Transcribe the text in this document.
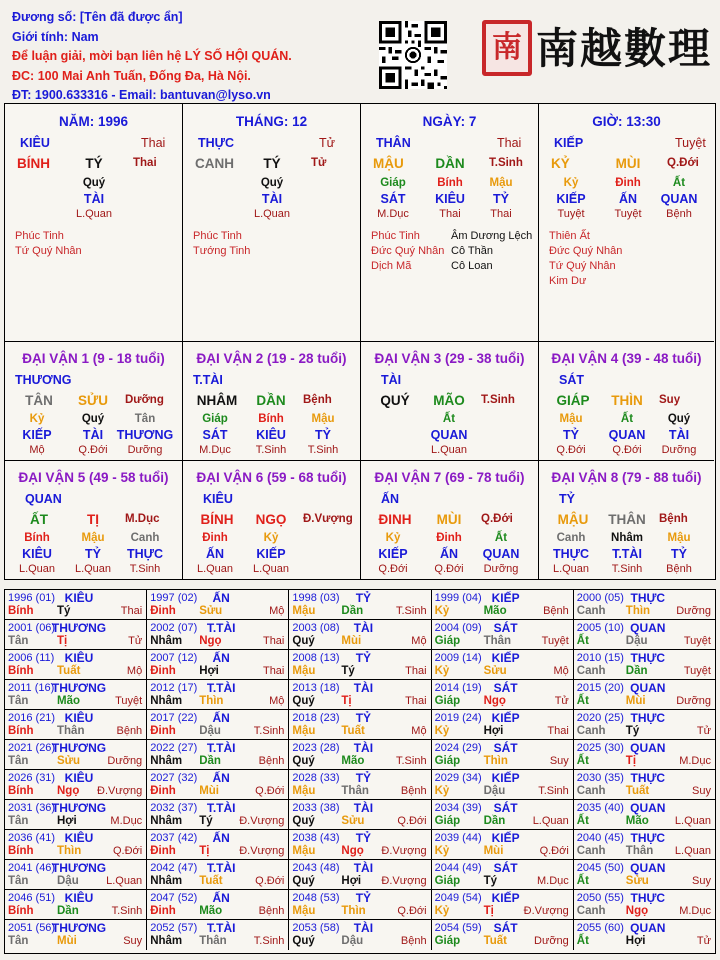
Đương số: [Tên đã được ẩn]
Giới tính: Nam
Để luận giải, mời bạn liên hệ LÝ SỐ HỘI QUÁN.
ĐC: 100 Mai Anh Tuấn, Đống Đa, Hà Nội.
ĐT: 1900.633316 - Email: bantuvan@lyso.vn
南 南越數理
NĂM: 1996
KIÊU	Thai
BÍNH	TÝ	Thai
Quý
TÀI
L.Quan
Phúc Tinh
Tứ Quý Nhân
THÁNG: 12
THỰC	Tử
CANH TÝ	Tử
Quý
TÀI
L.Quan
Phúc Tinh
Tướng Tinh
NGÀY: 7
THÂN	Thai
MẬU DẦN T.Sinh
Giáp
SÁT
M.Dục
Bính
KIÊU
Thai
Mậu
TỶ
Thai
Phúc Tinh
Đức Quý Nhân
Dịch Mã
Âm Dương Lệch
Cô Thần
Cô Loan
GIỜ: 13:30
KIẾP	Tuyệt
KỶ	MÙI Q.Đới
Kỷ
KIẾP
Tuyệt
Đinh
ẤN
Tuyệt
Ất
QUAN
Bệnh
Thiên Ất
Đức Quý Nhân
Tứ Quý Nhân
Kim Dư
ĐẠI VẬN 1 (9 - 18 tuổi)
THƯƠNG
TÂN SỬU Dưỡng
Kỷ
KIẾP
Mộ
Quý
TÀI
Q.Đới
Tân
THƯƠNG
Dưỡng
ĐẠI VẬN 2 (19 - 28 tuổi)
T.TÀI
NHÂM DẦN Bệnh
Giáp
SÁT
M.Dục
Bính
KIÊU
T.Sinh
Mậu
TỶ
T.Sinh
ĐẠI VẬN 3 (29 - 38 tuổi)
TÀI
QUÝ MÃO T.Sinh
Ất
QUAN
L.Quan
ĐẠI VẬN 4 (39 - 48 tuổi)
SÁT
GIÁP THÌN Suy
Mậu
TỶ
Q.Đới
Ất
QUAN
Q.Đới
Quý
TÀI
Dưỡng
ĐẠI VẬN 5 (49 - 58 tuổi)
QUAN
ẤT	TỊ M.Dục
Bính
KIÊU
L.Quan
Mậu
TỶ
L.Quan
Canh
THỰC
T.Sinh
ĐẠI VẬN 6 (59 - 68 tuổi)
KIÊU
BÍNH NGỌ Đ.Vượng
Đinh
ẤN
L.Quan
Kỷ
KIẾP
L.Quan
ĐẠI VẬN 7 (69 - 78 tuổi)
ẤN
ĐINH MÙI Q.Đới
Kỷ
KIẾP
Q.Đới
Đinh
ẤN
Q.Đới
Ất
QUAN
Dưỡng
ĐẠI VẬN 8 (79 - 88 tuổi)
TỶ
MẬU THÂN Bệnh
Canh
THỰC
L.Quan
Nhâm
T.TÀI
T.Sinh
Mậu
TỶ
Bệnh
1996 (01) KIÊU
Bính Tý	Thai
1997 (02) ẤN
Đinh Sửu	Mộ
1998 (03) TỶ
Mậu Dần	T.Sinh
1999 (04) KIẾP
Kỷ	Mão	Bệnh
2000 (05) THỰC
Canh Thìn Dưỡng
2001 (06)
THƯƠNG
Tân Tị	Tử
2002 (07) T.TÀI
Nhâm Ngọ	Thai
2003 (08) TÀI
Quý Mùi	Mộ
2004 (09) SÁT
Giáp Thân	Tuyệt
2005 (10) QUAN
Ất	Dậu	Tuyệt
2006 (11) KIÊU
Bính Tuất	Mộ
2007 (12) ẤN
Đinh Hợi	Thai
2008 (13) TỶ
Mậu Tý	Thai
2009 (14) KIẾP
Kỷ	Sửu	Mộ
2010 (15) THỰC
Canh Dần	Tuyệt
2011 (16)
THƯƠNG
Tân Mão	Tuyệt
2012 (17) T.TÀI
Nhâm Thìn	Mộ
2013 (18) TÀI
Quý Tị	Thai
2014 (19) SÁT
Giáp Ngọ	Tử
2015 (20) QUAN
Ất	Mùi	Dưỡng
2016 (21) KIÊU
Bính Thân	Bệnh
2017 (22) ẤN
Đinh Dậu	T.Sinh
2018 (23) TỶ
Mậu Tuất	Mộ
2019 (24) KIẾP
Kỷ	Hợi	Thai
2020 (25) THỰC
Canh Tý	Tử
2021 (26)
THƯƠNG
Tân Sửu Dưỡng
2022 (27) T.TÀI
Nhâm Dần	Bệnh
2023 (28) TÀI
Quý Mão	T.Sinh
2024 (29) SÁT
Giáp Thìn	Suy
2025 (30) QUAN
Ất	Tị	M.Dục
2026 (31) KIÊU
Bính Ngọ Đ.Vượng
2027 (32) ẤN
Đinh Mùi	Q.Đới
2028 (33) TỶ
Mậu Thân	Bệnh
2029 (34) KIẾP
Kỷ	Dậu	T.Sinh
2030 (35) THỰC
Canh Tuất	Suy
2031 (36)
THƯƠNG
Tân Hợi	M.Dục
2032 (37) T.TÀI
Nhâm Tý Đ.Vượng
2033 (38) TÀI
Quý Sửu	Q.Đới
2034 (39) SÁT
Giáp Dần L.Quan
2035 (40) QUAN
Ất	Mão L.Quan
2036 (41) KIÊU
Bính Thìn	Q.Đới
2037 (42) ẤN
Đinh Tị	Đ.Vượng
2038 (43) TỶ
Mậu Ngọ Đ.Vượng
2039 (44) KIẾP
Kỷ	Mùi	Q.Đới
2040 (45) THỰC
Canh Thân L.Quan
2041 (46)
THƯƠNG
Tân Dậu L.Quan
2042 (47) T.TÀI
Nhâm Tuất	Q.Đới
2043 (48) TÀI
Quý Hợi Đ.Vượng
2044 (49) SÁT
Giáp Tý	M.Dục
2045 (50) QUAN
Ất	Sửu	Suy
2046 (51) KIÊU
Bính Dần	T.Sinh
2047 (52) ẤN
Đinh Mão	Bệnh
2048 (53) TỶ
Mậu Thìn	Q.Đới
2049 (54) KIẾP
Kỷ	Tị	Đ.Vượng
2050 (55) THỰC
Canh Ngọ	M.Dục
2051 (56)
THƯƠNG
Tân Mùi	Suy
2052 (57) T.TÀI
Nhâm Thân T.Sinh
2053 (58) TÀI
Quý Dậu	Bệnh
2054 (59) SÁT
Giáp Tuất Dưỡng
2055 (60) QUAN
Ất	Hợi	Tử
